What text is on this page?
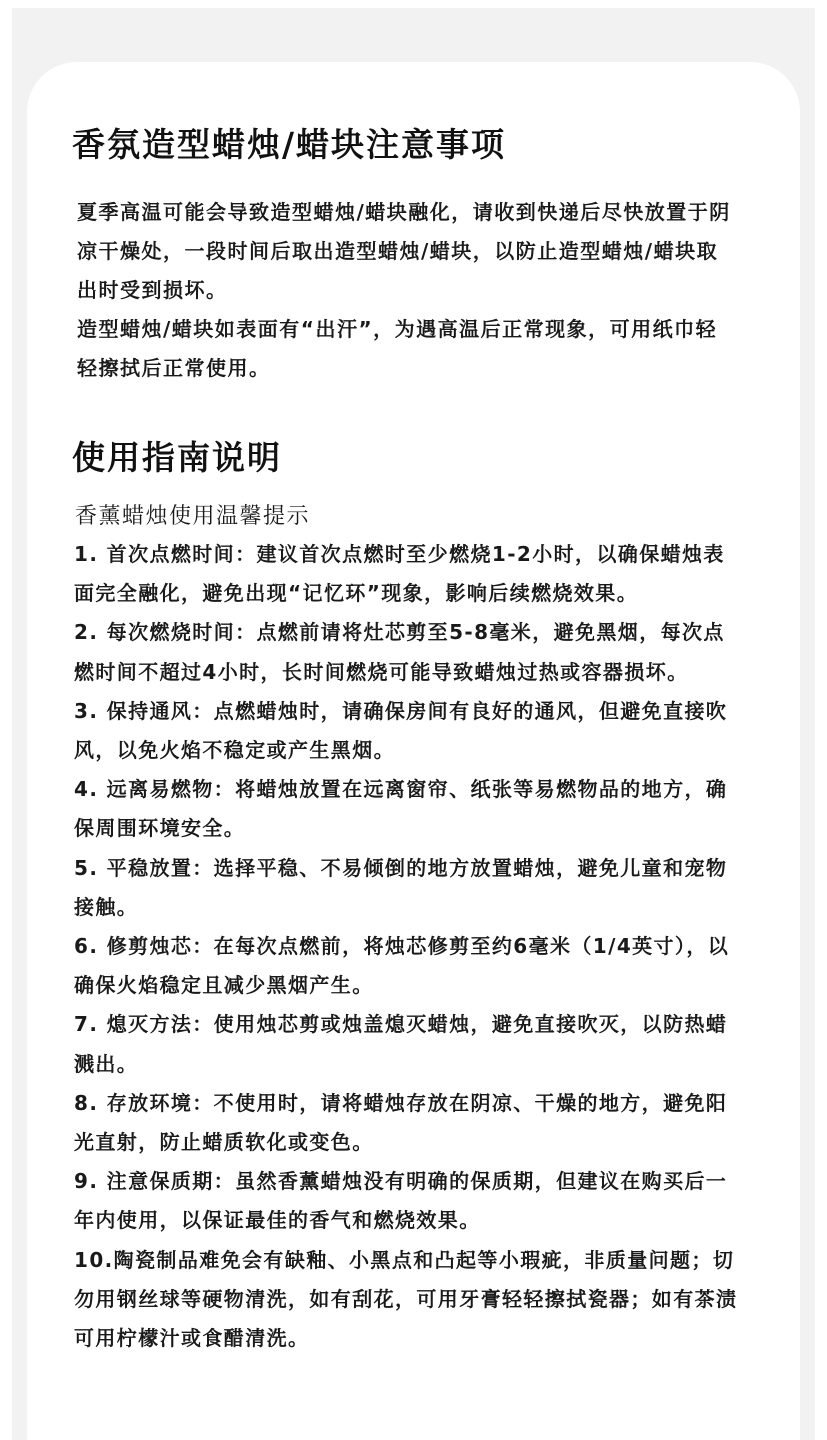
香氛造型蜡烛/蜡块注意事项

夏季高温可能会导致造型蜡烛/蜡块融化，请收到快递后尽快放置于阴凉干燥处，一段时间后取出造型蜡烛/蜡块，以防止造型蜡烛/蜡块取出时受到损坏。

造型蜡烛/蜡块如表面有“出汗”，为遇高温后正常现象，可用纸巾轻轻擦拭后正常使用。

使用指南说明
香薰蜡烛使用温馨提示

1. 首次点燃时间：建议首次点燃时至少燃烧1-2小时，以确保蜡烛表面完全融化，避免出现“记忆环”现象，影响后续燃烧效果。

2. 每次燃烧时间：点燃前请将灶芯剪至5-8毫米，避免黑烟，每次点燃时间不超过4小时，长时间燃烧可能导致蜡烛过热或容器损坏。

3. 保持通风：点燃蜡烛时，请确保房间有良好的通风，但避免直接吹风，以免火焰不稳定或产生黑烟。

4. 远离易燃物：将蜡烛放置在远离窗帘、纸张等易燃物品的地方，确保周围环境安全。

5. 平稳放置：选择平稳、不易倾倒的地方放置蜡烛，避免儿童和宠物接触。

6. 修剪烛芯：在每次点燃前，将烛芯修剪至约6毫米（1/4英寸），以确保火焰稳定且减少黑烟产生。

7. 熄灭方法：使用烛芯剪或烛盖熄灭蜡烛，避免直接吹灭，以防热蜡溅出。

8. 存放环境：不使用时，请将蜡烛存放在阴凉、干燥的地方，避免阳光直射，防止蜡质软化或变色。

9. 注意保质期：虽然香薰蜡烛没有明确的保质期，但建议在购买后一年内使用，以保证最佳的香气和燃烧效果。

10.陶瓷制品难免会有缺釉、小黑点和凸起等小瑕疵，非质量问题；切勿用钢丝球等硬物清洗，如有刮花，可用牙膏轻轻擦拭瓷器；如有茶渍可用柠檬汁或食醋清洗。
